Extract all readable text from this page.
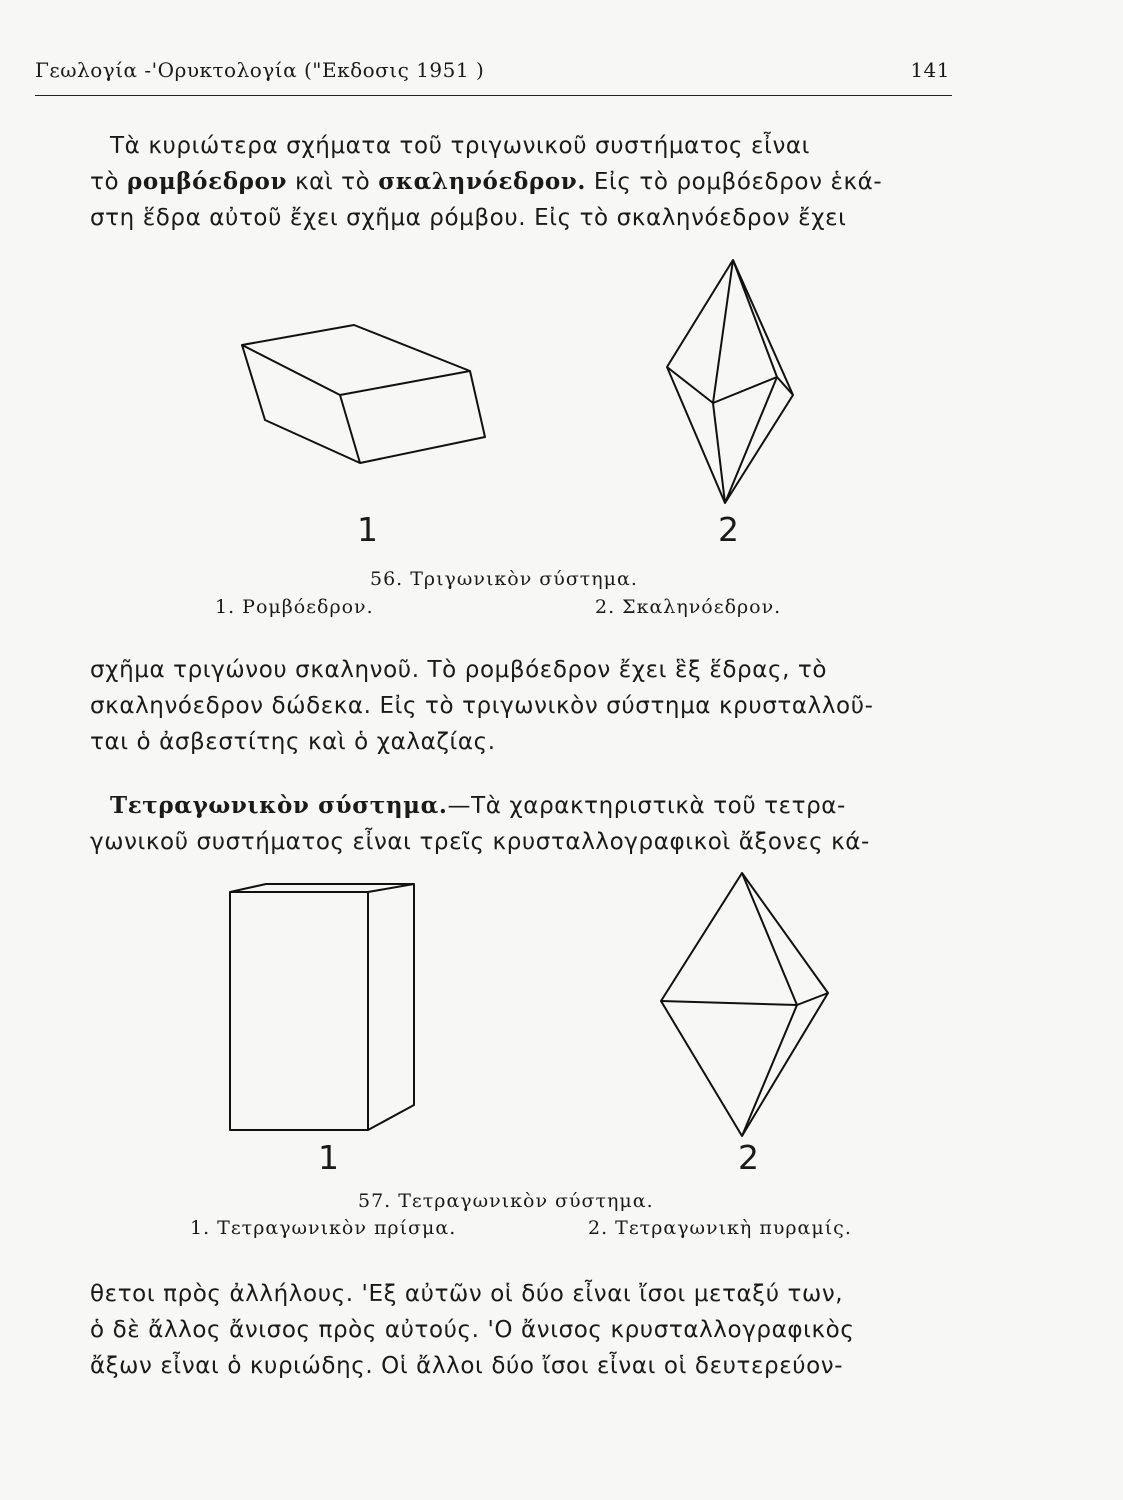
Γεωλογία -'Ορυκτολογία ("Εκδοσις 1951 )	141
Τὰ κυριώτερα σχήματα τοῦ τριγωνικοῦ συστήματος εἶναι
τὸ ρομβόεδρον καὶ τὸ σκαληνόεδρον. Εἰς τὸ ρομβόεδρον ἑκά-
στη ἕδρα αὐτοῦ ἔχει σχῆμα ρόμβου. Εἰς τὸ σκαληνόεδρον ἔχει
1	2
56. Τριγωνικὸν σύστημα.
1. Ρομβόεδρον.	2. Σκαληνόεδρον.
σχῆμα τριγώνου σκαληνοῦ. Τὸ ρομβόεδρον ἔχει ἓξ ἕδρας, τὸ
σκαληνόεδρον δώδεκα. Εἰς τὸ τριγωνικὸν σύστημα κρυσταλλοῦ-
ται ὁ ἀσβεστίτης καὶ ὁ χαλαζίας.
Τετραγωνικὸν σύστημα.—Τὰ χαρακτηριστικὰ τοῦ τετρα-
γωνικοῦ συστήματος εἶναι τρεῖς κρυσταλλογραφικοὶ ἄξονες κά-
1	2
57. Τετραγωνικὸν σύστημα.
1. Τετραγωνικὸν πρίσμα.	2. Τετραγωνικὴ πυραμίς.
θετοι πρὸς ἀλλήλους. 'Εξ αὐτῶν οἱ δύο εἶναι ἴσοι μεταξύ των,
ὁ δὲ ἄλλος ἄνισος πρὸς αὐτούς. 'Ο ἄνισος κρυσταλλογραφικὸς
ἄξων εἶναι ὁ κυριώδης. Οἱ ἄλλοι δύο ἴσοι εἶναι οἱ δευτερεύον-
